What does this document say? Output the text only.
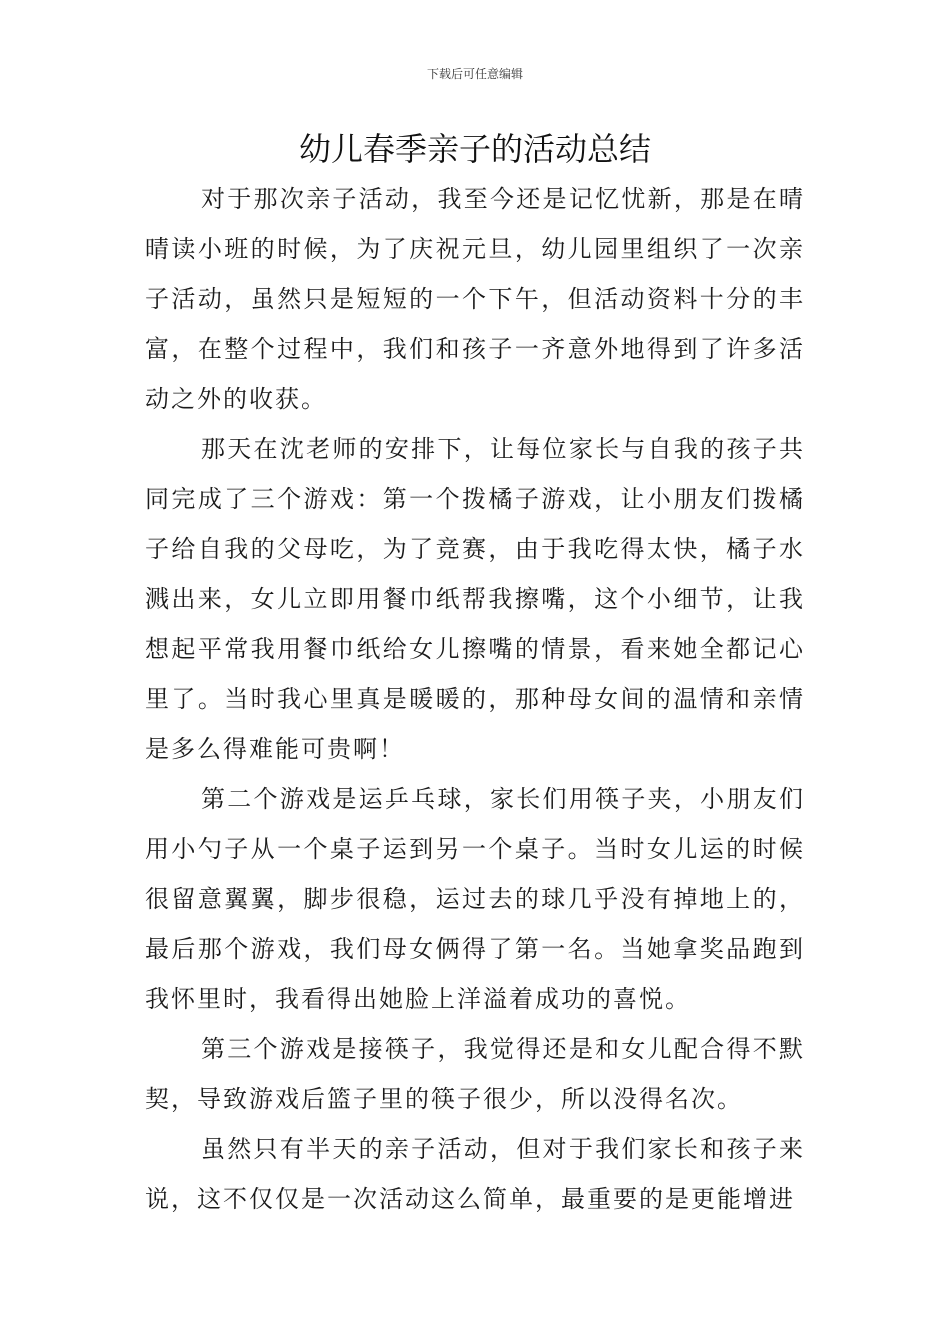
下载后可任意编辑
幼儿春季亲子的活动总结

对于那次亲子活动，我至今还是记忆忧新，那是在晴晴读小班的时候，为了庆祝元旦，幼儿园里组织了一次亲子活动，虽然只是短短的一个下午，但活动资料十分的丰富，在整个过程中，我们和孩子一齐意外地得到了许多活动之外的收获。

那天在沈老师的安排下，让每位家长与自我的孩子共同完成了三个游戏：第一个拨橘子游戏，让小朋友们拨橘子给自我的父母吃，为了竞赛，由于我吃得太快，橘子水溅出来，女儿立即用餐巾纸帮我擦嘴，这个小细节，让我想起平常我用餐巾纸给女儿擦嘴的情景，看来她全都记心里了。当时我心里真是暖暖的，那种母女间的温情和亲情是多么得难能可贵啊！

第二个游戏是运乒乓球，家长们用筷子夹，小朋友们用小勺子从一个桌子运到另一个桌子。当时女儿运的时候很留意翼翼，脚步很稳，运过去的球几乎没有掉地上的，最后那个游戏，我们母女俩得了第一名。当她拿奖品跑到我怀里时，我看得出她脸上洋溢着成功的喜悦。

第三个游戏是接筷子，我觉得还是和女儿配合得不默契，导致游戏后篮子里的筷子很少，所以没得名次。

虽然只有半天的亲子活动，但对于我们家长和孩子来说，这不仅仅是一次活动这么简单，最重要的是更能增进
